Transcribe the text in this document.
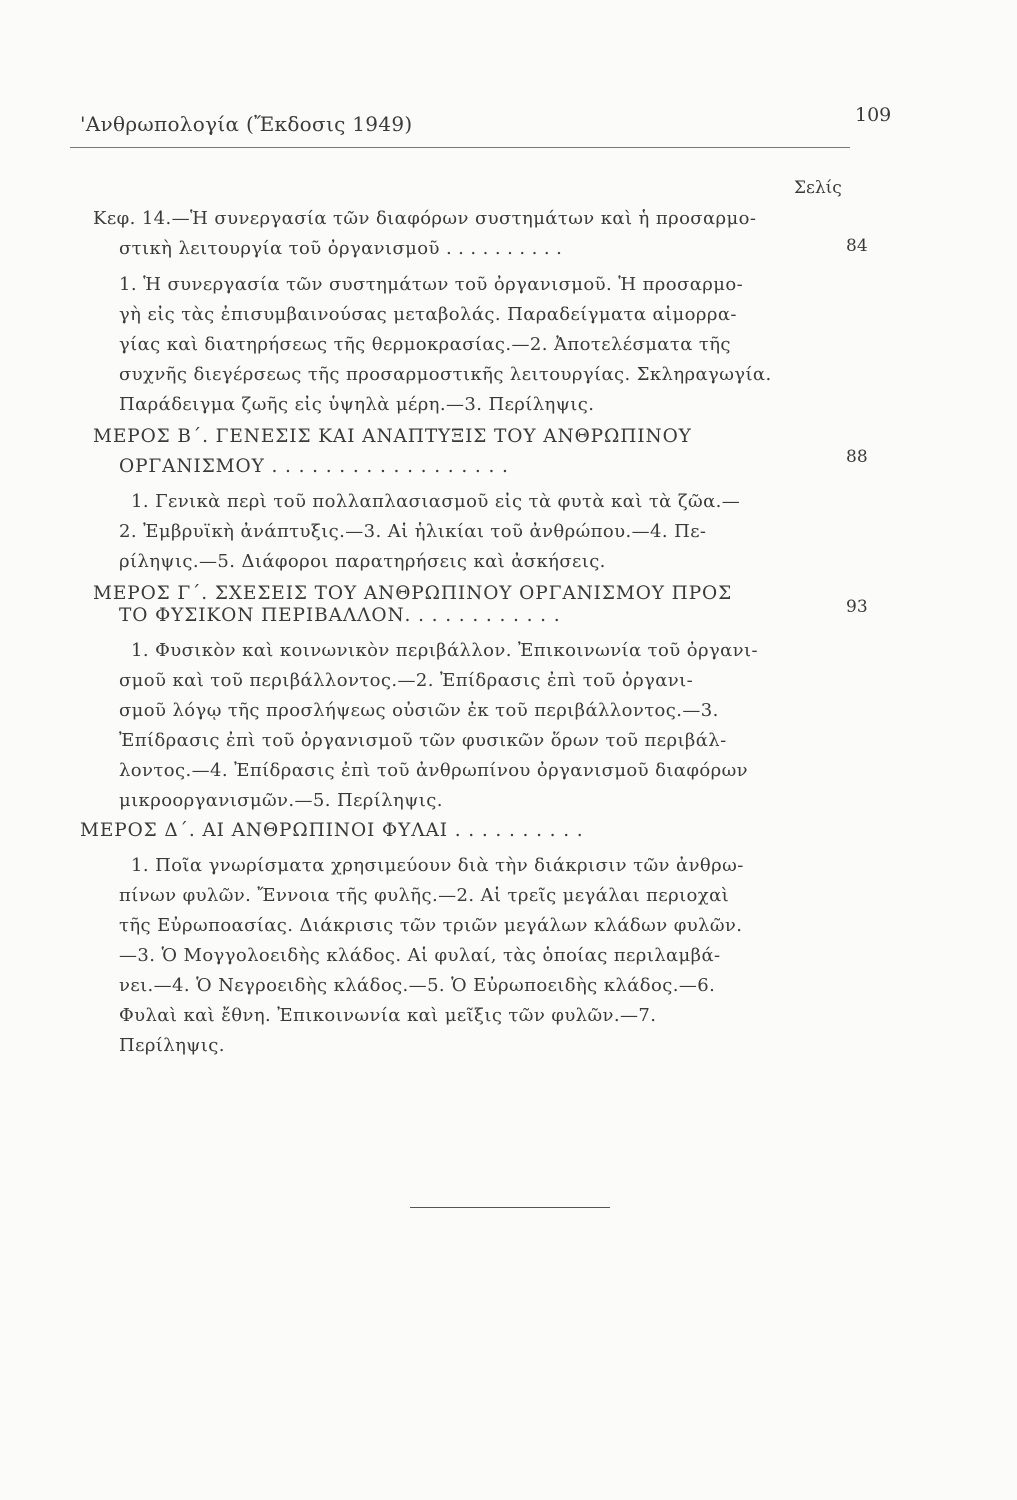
'Ανθρωπολογία (Ἔκδοσις 1949)	109
Σελίς
Κεφ. 14.—Ἡ συνεργασία τῶν διαφόρων συστημάτων καὶ ἡ προσαρμο-
στικὴ λειτουργία τοῦ ὀργανισμοῦ . . . . . . . . . .
1. Ἡ συνεργασία τῶν συστημάτων τοῦ ὀργανισμοῦ. Ἡ προσαρμο-
γὴ εἰς τὰς ἐπισυμβαινούσας μεταβολάς. Παραδείγματα αἱμορρα-
γίας καὶ διατηρήσεως τῆς θερμοκρασίας.—2. Ἀποτελέσματα τῆς
συχνῆς διεγέρσεως τῆς προσαρμοστικῆς λειτουργίας. Σκληραγωγία.
Παράδειγμα ζωῆς εἰς ὑψηλὰ μέρη.—3. Περίληψις.
ΜΕΡΟΣ Β΄. ΓΕΝΕΣΙΣ ΚΑΙ ΑΝΑΠΤΥΞΙΣ ΤΟΥ ΑΝΘΡΩΠΙΝΟΥ
ΟΡΓΑΝΙΣΜΟΥ . . . . . . . . . . . . . . . . . .
1. Γενικὰ περὶ τοῦ πολλαπλασιασμοῦ εἰς τὰ φυτὰ καὶ τὰ ζῶα.—
2. Ἐμβρυϊκὴ ἀνάπτυξις.—3. Αἱ ἡλικίαι τοῦ ἀνθρώπου.—4. Πε-
ρίληψις.—5. Διάφοροι παρατηρήσεις καὶ ἀσκήσεις.
ΜΕΡΟΣ Γ΄. ΣΧΕΣΕΙΣ ΤΟΥ ΑΝΘΡΩΠΙΝΟΥ ΟΡΓΑΝΙΣΜΟΥ ΠΡΟΣ
ΤΟ ΦΥΣΙΚΟΝ ΠΕΡΙΒΑΛΛΟΝ. . . . . . . . . . . .
1. Φυσικὸν καὶ κοινωνικὸν περιβάλλον. Ἐπικοινωνία τοῦ ὀργανι-
σμοῦ καὶ τοῦ περιβάλλοντος.—2. Ἐπίδρασις ἐπὶ τοῦ ὀργανι-
σμοῦ λόγῳ τῆς προσλήψεως οὐσιῶν ἐκ τοῦ περιβάλλοντος.—3.
Ἐπίδρασις ἐπὶ τοῦ ὀργανισμοῦ τῶν φυσικῶν ὅρων τοῦ περιβάλ-
λοντος.—4. Ἐπίδρασις ἐπὶ τοῦ ἀνθρωπίνου ὀργανισμοῦ διαφόρων
μικροοργανισμῶν.—5. Περίληψις.
ΜΕΡΟΣ Δ΄. ΑΙ ΑΝΘΡΩΠΙΝΟΙ ΦΥΛΑΙ . . . . . . . . . .
1. Ποῖα γνωρίσματα χρησιμεύουν διὰ τὴν διάκρισιν τῶν ἀνθρω-
πίνων φυλῶν. Ἔννοια τῆς φυλῆς.—2. Αἱ τρεῖς μεγάλαι περιοχαὶ
τῆς Εὐρωπoασίας. Διάκρισις τῶν τριῶν μεγάλων κλάδων φυλῶν.
—3. Ὁ Μογγολοειδὴς κλάδος. Αἱ φυλαί, τὰς ὁποίας περιλαμβά-
νει.—4. Ὁ Νεγροειδὴς κλάδος.—5. Ὁ Εὐρωποειδὴς κλάδος.—6.
Φυλαὶ καὶ ἔθνη. Ἐπικοινωνία καὶ μεῖξις τῶν φυλῶν.—7.
Περίληψις.
84
88
93
